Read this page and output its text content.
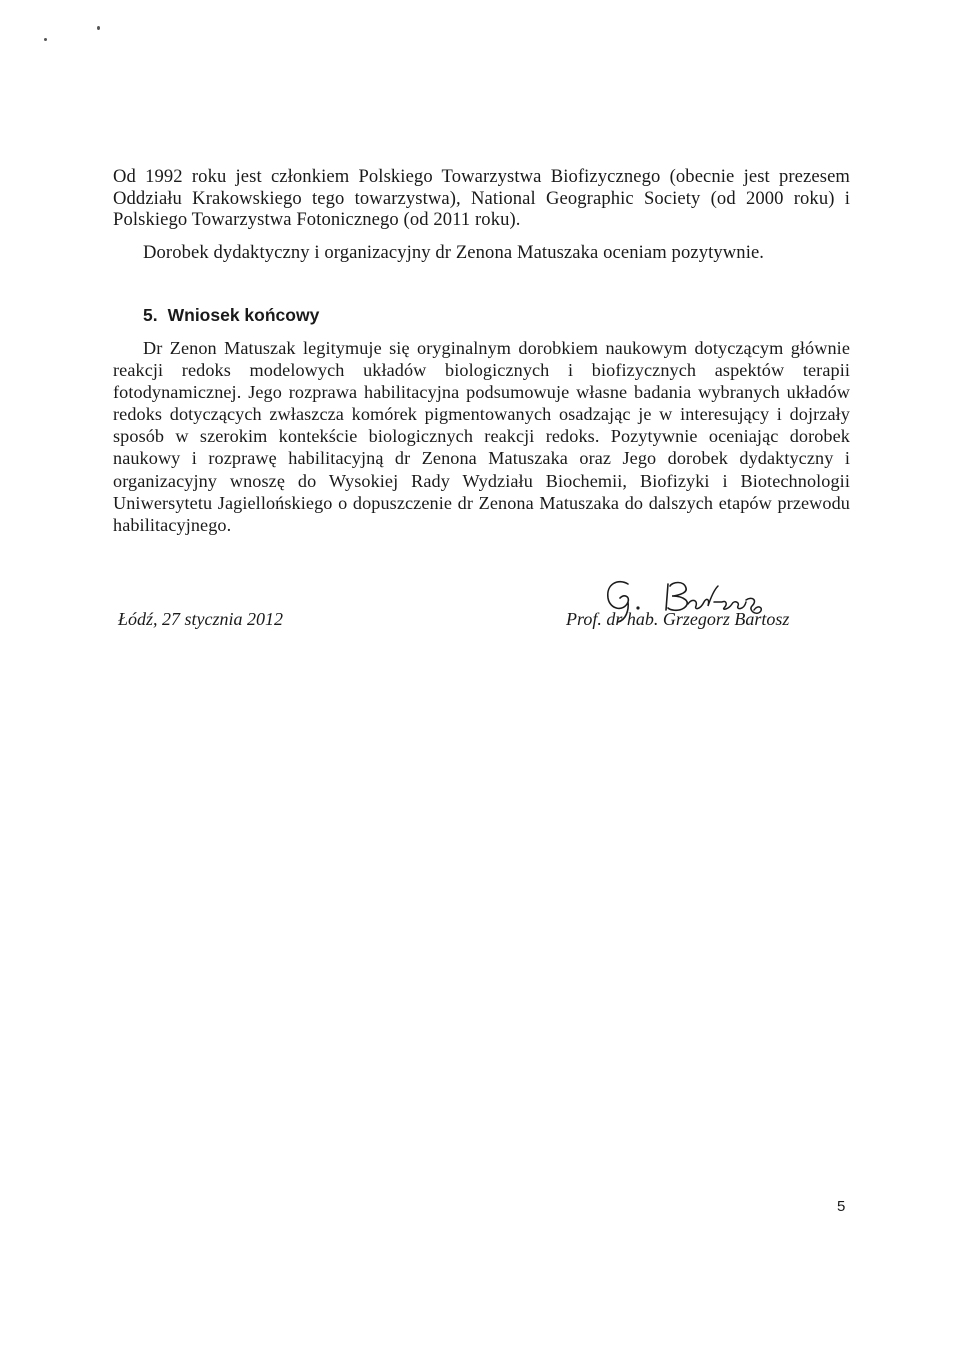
Od 1992 roku jest członkiem Polskiego Towarzystwa Biofizycznego (obecnie jest prezesem Oddziału Krakowskiego tego towarzystwa), National Geographic Society (od 2000 roku) i Polskiego Towarzystwa Fotonicznego (od 2011 roku).

Dorobek dydaktyczny i organizacyjny dr Zenona Matuszaka oceniam pozytywnie.

5. Wniosek końcowy

Dr Zenon Matuszak legitymuje się oryginalnym dorobkiem naukowym dotyczącym głównie reakcji redoks modelowych układów biologicznych i biofizycznych aspektów terapii fotodynamicznej. Jego rozprawa habilitacyjna podsumowuje własne badania wybranych układów redoks dotyczących zwłaszcza komórek pigmentowanych osadzając je w interesujący i dojrzały sposób w szerokim kontekście biologicznych reakcji redoks. Pozytywnie oceniając dorobek naukowy i rozprawę habilitacyjną dr Zenona Matuszaka oraz Jego dorobek dydaktyczny i organizacyjny wnoszę do Wysokiej Rady Wydziału Biochemii, Biofizyki i Biotechnologii Uniwersytetu Jagiellońskiego o dopuszczenie dr Zenona Matuszaka do dalszych etapów przewodu habilitacyjnego.

Łódź, 27 stycznia 2012	Prof. dr hab. Grzegorz Bartosz

5
